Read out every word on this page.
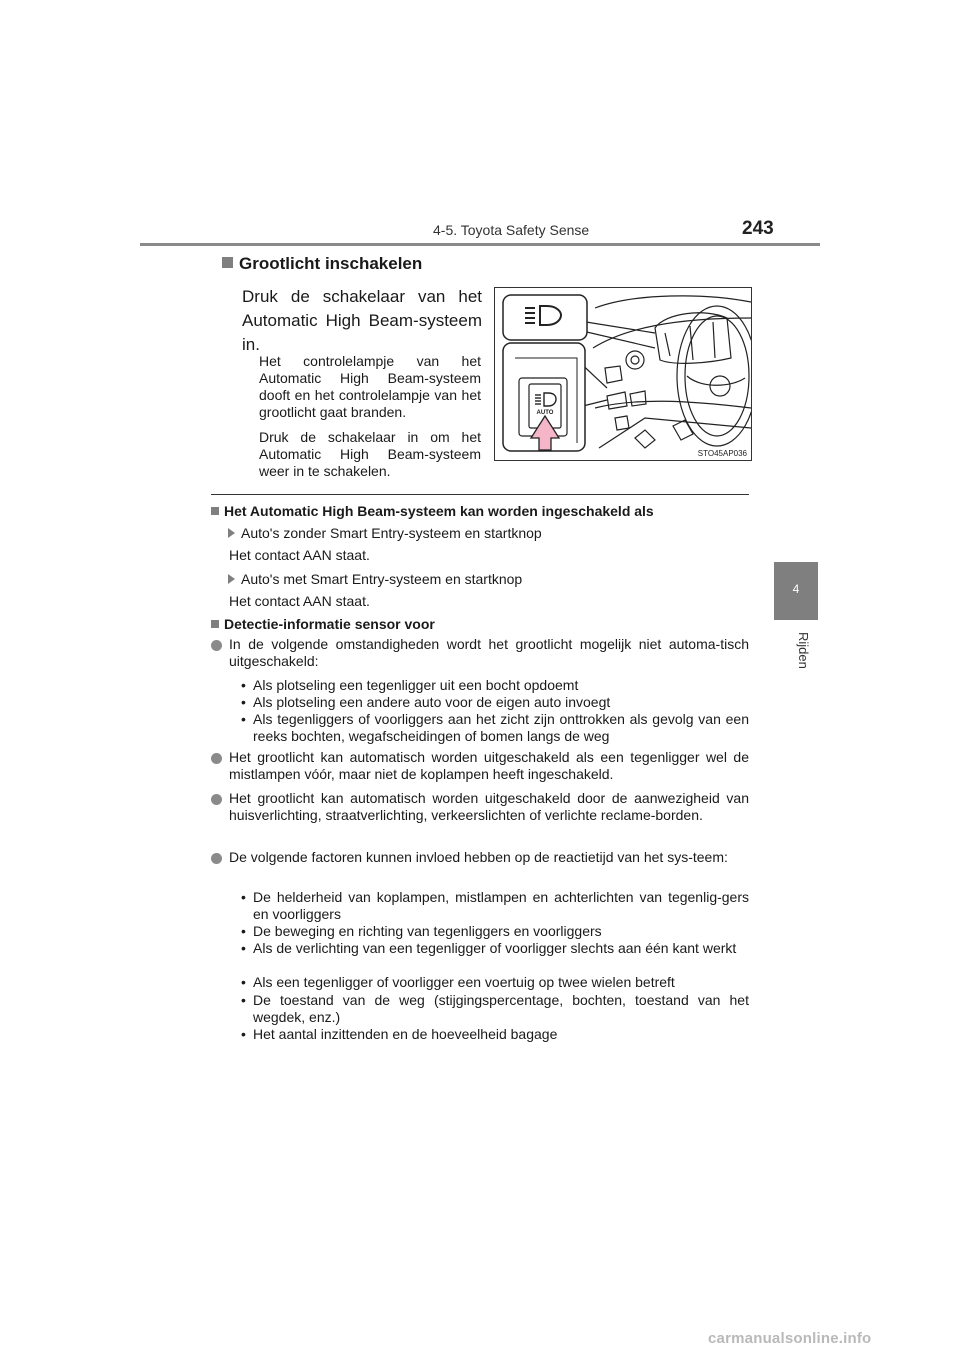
4-5. Toyota Safety Sense	243
4
Rijden
Grootlicht inschakelen
Druk de schakelaar van het Automatic High Beam-systeem in.
Het controlelampje van het Automatic High Beam-systeem dooft en het controlelampje van het grootlicht gaat branden.
Druk de schakelaar in om het Automatic High Beam-systeem weer in te schakelen.
AUTO
STO45AP036
Het Automatic High Beam-systeem kan worden ingeschakeld als
Auto's zonder Smart Entry-systeem en startknop
Het contact AAN staat.
Auto's met Smart Entry-systeem en startknop
Het contact AAN staat.
Detectie-informatie sensor voor
In de volgende omstandigheden wordt het grootlicht mogelijk niet automa-tisch uitgeschakeld:
• Als plotseling een tegenligger uit een bocht opdoemt
• Als plotseling een andere auto voor de eigen auto invoegt
• Als tegenliggers of voorliggers aan het zicht zijn onttrokken als gevolg van een reeks bochten, wegafscheidingen of bomen langs de weg
Het grootlicht kan automatisch worden uitgeschakeld als een tegenligger wel de mistlampen vóór, maar niet de koplampen heeft ingeschakeld.
Het grootlicht kan automatisch worden uitgeschakeld door de aanwezigheid van huisverlichting, straatverlichting, verkeerslichten of verlichte reclame-borden.
De volgende factoren kunnen invloed hebben op de reactietijd van het sys-teem:
• De helderheid van koplampen, mistlampen en achterlichten van tegenlig-gers en voorliggers
• De beweging en richting van tegenliggers en voorliggers
• Als de verlichting van een tegenligger of voorligger slechts aan één kant werkt
• Als een tegenligger of voorligger een voertuig op twee wielen betreft
• De toestand van de weg (stijgingspercentage, bochten, toestand van het wegdek, enz.)
• Het aantal inzittenden en de hoeveelheid bagage
carmanualsonline.info
